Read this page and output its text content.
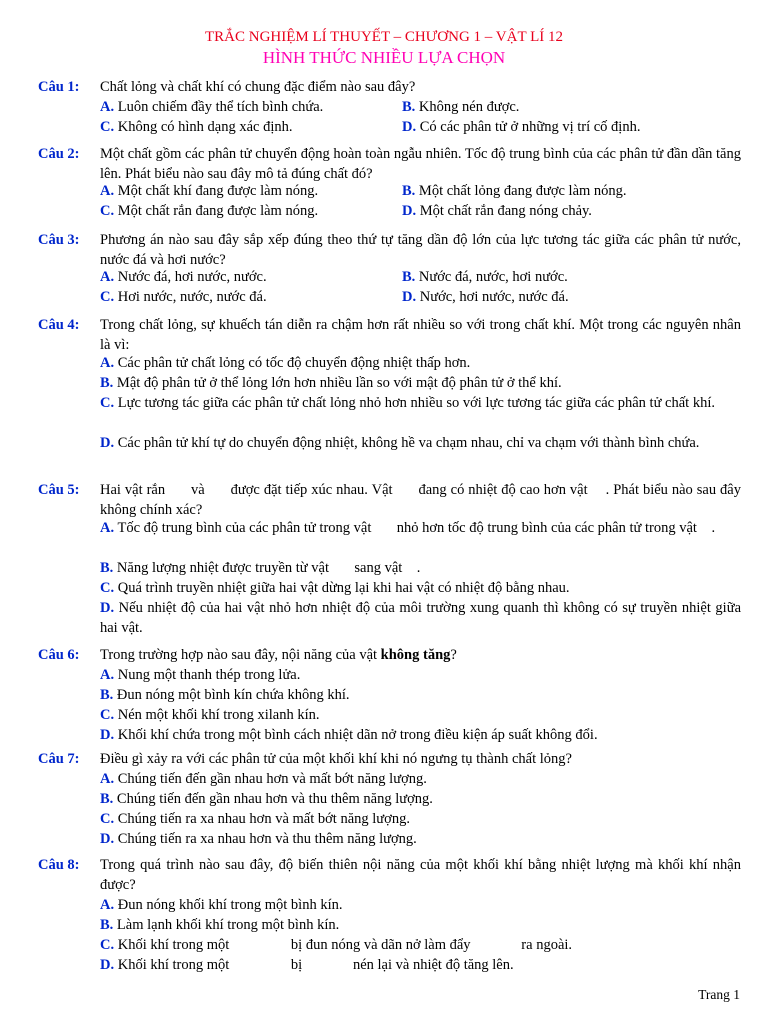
TRẮC NGHIỆM LÍ THUYẾT – CHƯƠNG 1 – VẬT LÍ 12
HÌNH THỨC NHIỀU LỰA CHỌN
Câu 1: Chất lỏng và chất khí có chung đặc điểm nào sau đây?
A. Luôn chiếm đầy thể tích bình chứa.	B. Không nén được.
C. Không có hình dạng xác định.	D. Có các phân tử ở những vị trí cố định.
Câu 2: Một chất gồm các phân tử chuyển động hoàn toàn ngẫu nhiên. Tốc độ trung bình của các phân tử đần dần tăng lên. Phát biểu nào sau đây mô tả đúng chất đó?
A. Một chất khí đang được làm nóng.	B. Một chất lỏng đang được làm nóng.
C. Một chất rắn đang được làm nóng.	D. Một chất rắn đang nóng chảy.
Câu 3: Phương án nào sau đây sắp xếp đúng theo thứ tự tăng dần độ lớn của lực tương tác giữa các phân tử nước, nước đá và hơi nước?
A. Nước đá, hơi nước, nước.	B. Nước đá, nước, hơi nước.
C. Hơi nước, nước, nước đá.	D. Nước, hơi nước, nước đá.
Câu 4: Trong chất lỏng, sự khuếch tán diễn ra chậm hơn rất nhiều so với trong chất khí. Một trong các nguyên nhân là vì:
A. Các phân tử chất lỏng có tốc độ chuyển động nhiệt thấp hơn.
B. Mật độ phân tử ở thể lỏng lớn hơn nhiều lần so với mật độ phân tử ở thể khí.
C. Lực tương tác giữa các phân tử chất lỏng nhỏ hơn nhiều so với lực tương tác giữa các phân tử chất khí.
D. Các phân tử khí tự do chuyển động nhiệt, không hề va chạm nhau, chỉ va chạm với thành bình chứa.
Câu 5: Hai vật rắn  và  được đặt tiếp xúc nhau. Vật  đang có nhiệt độ cao hơn vật . Phát biểu nào sau đây không chính xác?
A. Tốc độ trung bình của các phân tử trong vật       nhỏ hơn tốc độ trung bình của các phân tử trong vật    .
B. Năng lượng nhiệt được truyền từ vật       sang vật    .
C. Quá trình truyền nhiệt giữa hai vật dừng lại khi hai vật có nhiệt độ bằng nhau.
D. Nếu nhiệt độ của hai vật nhỏ hơn nhiệt độ của môi trường xung quanh thì không có sự truyền nhiệt giữa hai vật.
Câu 6: Trong trường hợp nào sau đây, nội năng của vật không tăng?
A. Nung một thanh thép trong lửa.
B. Đun nóng một bình kín chứa không khí.
C. Nén một khối khí trong xilanh kín.
D. Khối khí chứa trong một bình cách nhiệt dãn nở trong điều kiện áp suất không đổi.
Câu 7: Điều gì xảy ra với các phân tử của một khối khí khi nó ngưng tụ thành chất lỏng?
A. Chúng tiến đến gần nhau hơn và mất bớt năng lượng.
B. Chúng tiến đến gần nhau hơn và thu thêm năng lượng.
C. Chúng tiến ra xa nhau hơn và mất bớt năng lượng.
D. Chúng tiến ra xa nhau hơn và thu thêm năng lượng.
Câu 8: Trong quá trình nào sau đây, độ biến thiên nội năng của một khối khí bằng nhiệt lượng mà khối khí nhận được?
A. Đun nóng khối khí trong một bình kín.
B. Làm lạnh khối khí trong một bình kín.
C. Khối khí trong một                 bị đun nóng và dãn nở làm đẩy              ra ngoài.
D. Khối khí trong một                 bị              nén lại và nhiệt độ tăng lên.
Trang 1
